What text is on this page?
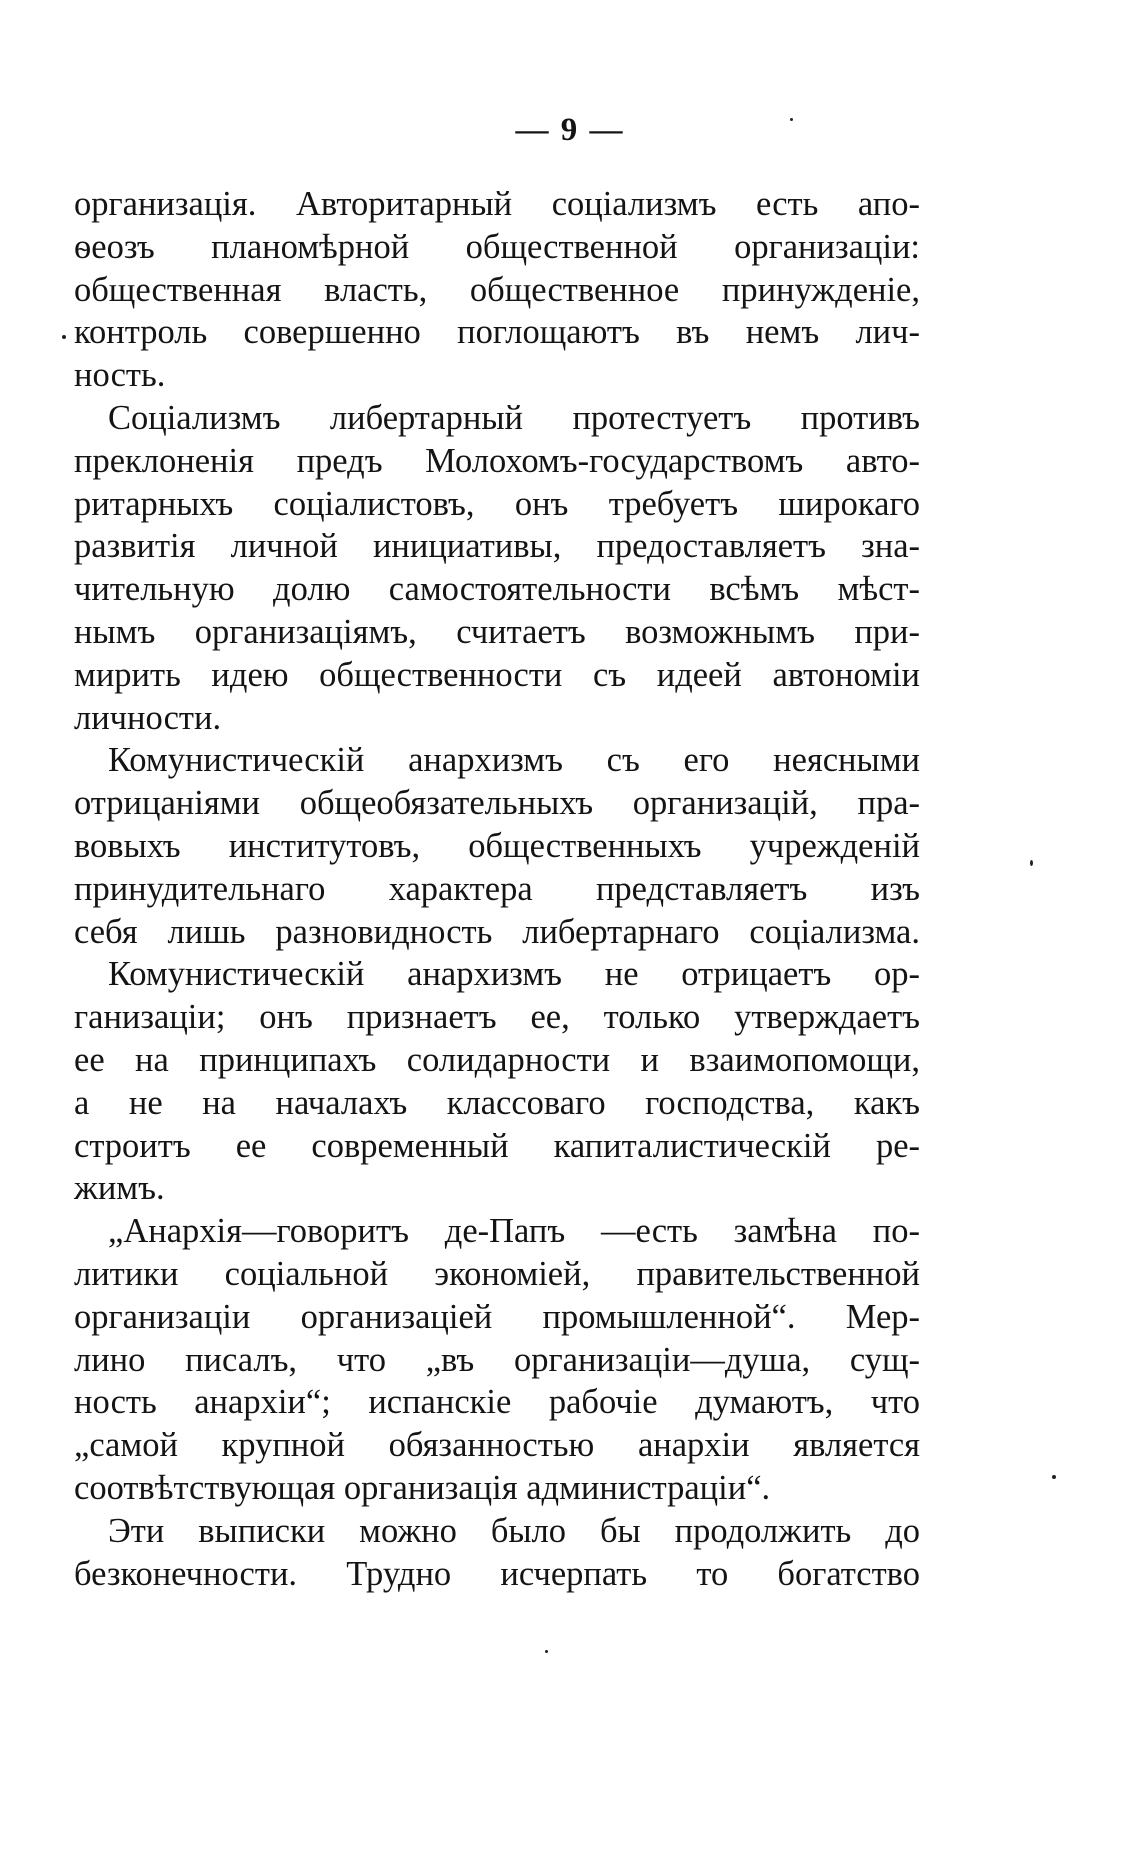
— 9 —
организацiя. Авторитарный соцiализмъ есть апо-
ѳеозъ планомѣрной общественной организацiи:
общественная власть, общественное принужденiе,
контроль совершенно поглощаютъ въ немъ лич-
ность.
Соцiализмъ либертарный протестуетъ противъ
преклоненiя предъ Молохомъ-государствомъ авто-
ритарныхъ соцiалистовъ, онъ требуетъ широкаго
развитiя личной инициативы, предоставляетъ зна-
чительную долю самостоятельности всѣмъ мѣст-
нымъ организацiямъ, считаетъ возможнымъ при-
мирить идею общественности съ идеей автономiи
личности.
Комунистическiй анархизмъ съ его неясными
отрицанiями общеобязательныхъ организацiй, пра-
вовыхъ институтовъ, общественныхъ учрежденiй
принудительнаго характера представляетъ изъ
себя лишь разновидность либертарнаго соцiализма.
Комунистическiй анархизмъ не отрицаетъ ор-
ганизацiи; онъ признаетъ ее, только утверждаетъ
ее на принципахъ солидарности и взаимопомощи,
а не на началахъ классоваго господства, какъ
строитъ ее современный капиталистическiй ре-
жимъ.
„Анархiя—говоритъ де-Папъ —есть замѣна по-
литики соцiальной экономiей, правительственной
организацiи организацiей промышленной“. Мер-
лино писалъ, что „въ организацiи—душа, сущ-
ность анархiи“; испанскiе рабочiе думаютъ, что
„самой крупной обязанностью анархiи является
соотвѣтствующая организацiя администрацiи“.
Эти выписки можно было бы продолжить до
безконечности. Трудно исчерпать то богатство
